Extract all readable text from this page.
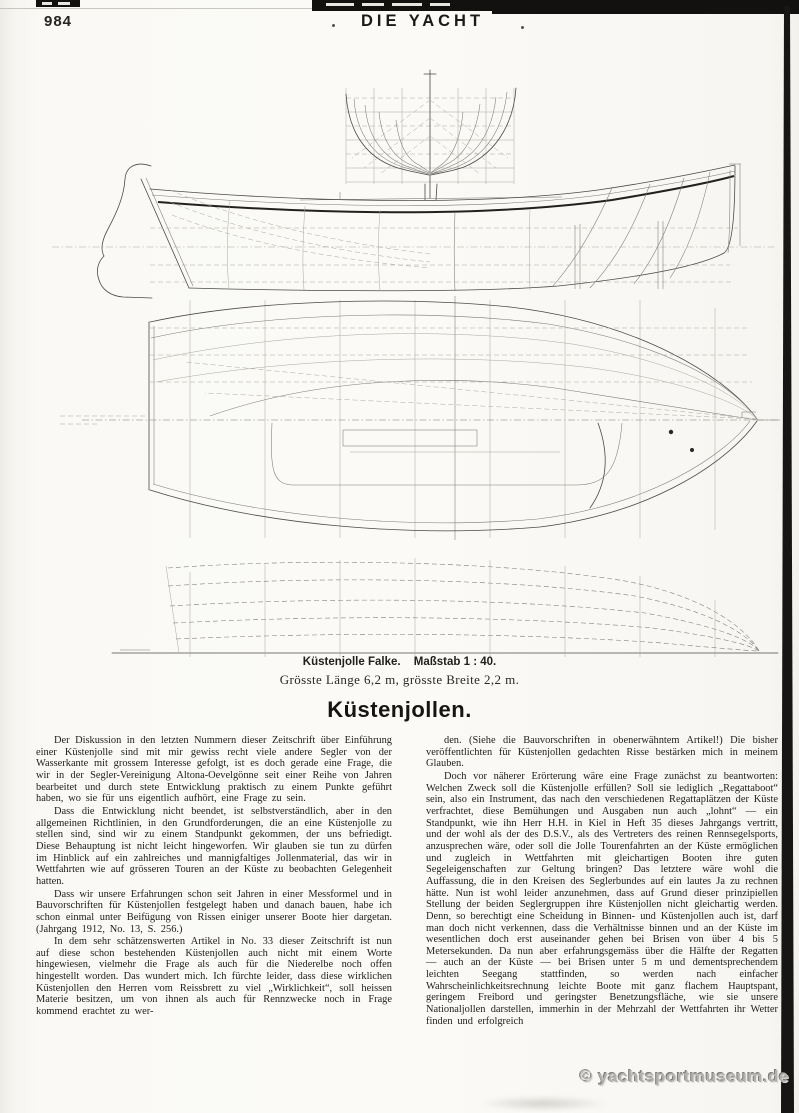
984	DIE YACHT
Küstenjolle Falke. Maßstab 1 : 40.
Grösste Länge 6,2 m, grösste Breite 2,2 m.
Küstenjollen.

Der Diskussion in den letzten Nummern dieser Zeitschrift über Einführung einer Küstenjolle sind mit mir gewiss recht viele andere Segler von der Wasserkante mit grossem Interesse gefolgt, ist es doch gerade eine Frage, die wir in der Segler-Vereinigung Altona-Oevelgönne seit einer Reihe von Jahren bearbeitet und durch stete Entwicklung praktisch zu einem Punkte geführt haben, wo sie für uns eigentlich aufhört, eine Frage zu sein.

Dass die Entwicklung nicht beendet, ist selbstverständlich, aber in den allgemeinen Richtlinien, in den Grundforderungen, die an eine Küstenjolle zu stellen sind, sind wir zu einem Standpunkt gekommen, der uns befriedigt. Diese Behauptung ist nicht leicht hingeworfen. Wir glauben sie tun zu dürfen im Hinblick auf ein zahlreiches und mannigfaltiges Jollenmaterial, das wir in Wettfahrten wie auf grösseren Touren an der Küste zu beobachten Gelegenheit hatten.

Dass wir unsere Erfahrungen schon seit Jahren in einer Messformel und in Bauvorschriften für Küstenjollen festgelegt haben und danach bauen, habe ich schon einmal unter Beifügung von Rissen einiger unserer Boote hier dargetan. (Jahrgang 1912, No. 13, S. 256.)

In dem sehr schätzenswerten Artikel in No. 33 dieser Zeitschrift ist nun auf diese schon bestehenden Küstenjollen auch nicht mit einem Worte hingewiesen, vielmehr die Frage als auch für die Niederelbe noch offen hingestellt worden. Das wundert mich. Ich fürchte leider, dass diese wirklichen Küstenjollen den Herren vom Reissbrett zu viel „Wirklichkeit“, soll heissen Materie besitzen, um von ihnen als auch für Rennzwecke noch in Frage kommend erachtet zu wer-

den. (Siehe die Bauvorschriften in obenerwähntem Artikel!) Die bisher veröffentlichten für Küstenjollen gedachten Risse bestärken mich in meinem Glauben.

Doch vor näherer Erörterung wäre eine Frage zunächst zu beantworten: Welchen Zweck soll die Küstenjolle erfüllen? Soll sie lediglich „Regattaboot“ sein, also ein Instrument, das nach den verschiedenen Regattaplätzen der Küste verfrachtet, diese Bemühungen und Ausgaben nun auch „lohnt“ — ein Standpunkt, wie ihn Herr H.H. in Kiel in Heft 35 dieses Jahrgangs vertritt, und der wohl als der des D.S.V., als des Vertreters des reinen Rennsegelsports, anzusprechen wäre, oder soll die Jolle Tourenfahrten an der Küste ermöglichen und zugleich in Wettfahrten mit gleichartigen Booten ihre guten Segeleigenschaften zur Geltung bringen? Das letztere wäre wohl die Auffassung, die in den Kreisen des Seglerbundes auf ein lautes Ja zu rechnen hätte. Nun ist wohl leider anzunehmen, dass auf Grund dieser prinzipiellen Stellung der beiden Seglergruppen ihre Küstenjollen nicht gleichartig werden. Denn, so berechtigt eine Scheidung in Binnen- und Küstenjollen auch ist, darf man doch nicht verkennen, dass die Verhältnisse binnen und an der Küste im wesentlichen doch erst auseinander gehen bei Brisen von über 4 bis 5 Metersekunden. Da nun aber erfahrungsgemäss über die Hälfte der Regatten — auch an der Küste — bei Brisen unter 5 m und dementsprechendem leichten Seegang stattfinden, so werden nach einfacher Wahrscheinlichkeitsrechnung leichte Boote mit ganz flachem Hauptspant, geringem Freibord und geringster Benetzungsfläche, wie sie unsere Nationaljollen darstellen, immerhin in der Mehrzahl der Wettfahrten ihr Wetter finden und erfolgreich

© yachtsportmuseum.de
